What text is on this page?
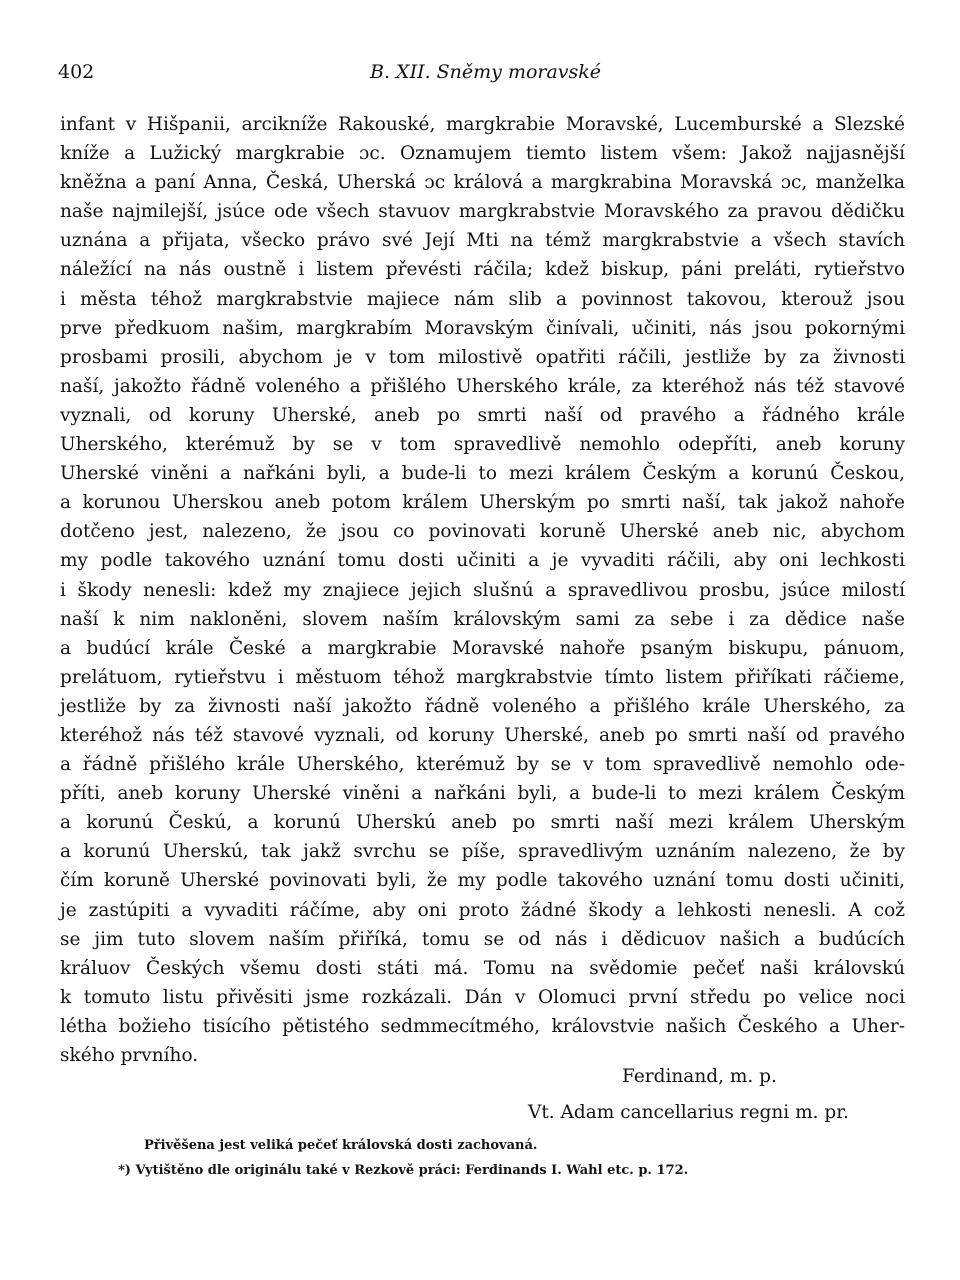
402	B. XII. Sněmy moravské
infant v Hišpanii, arcikníže Rakouské, margkrabie Moravské, Lucemburské a Slezské
kníže a Lužický margkrabie ɔc. Oznamujem tiemto listem všem: Jakož najjasnější
kněžna a paní Anna, Česká, Uherská ɔc králová a margkrabina Moravská ɔc, manželka
naše najmilejší, jsúce ode všech stavuov margkrabstvie Moravského za pravou dědičku
uznána a přijata, všecko právo své Její Mti na témž margkrabstvie a všech stavích
náležící na nás oustně i listem převésti ráčila; kdež biskup, páni preláti, rytieřstvo
i města téhož margkrabstvie majiece nám slib a povinnost takovou, kterouž jsou
prve předkuom našim, margkrabím Moravským činívali, učiniti, nás jsou pokornými
prosbami prosili, abychom je v tom milostivě opatřiti ráčili, jestliže by za živnosti
naší, jakožto řádně voleného a přišlého Uherského krále, za kteréhož nás též stavové
vyznali, od koruny Uherské, aneb po smrti naší od pravého a řádného krále
Uherského, kterémuž by se v tom spravedlivě nemohlo odepříti, aneb koruny
Uherské viněni a nařkáni byli, a bude-li to mezi králem Českým a korunú Českou,
a korunou Uherskou aneb potom králem Uherským po smrti naší, tak jakož nahoře
dotčeno jest, nalezeno, že jsou co povinovati koruně Uherské aneb nic, abychom
my podle takového uznání tomu dosti učiniti a je vyvaditi ráčili, aby oni lechkosti
i škody nenesli: kdež my znajiece jejich slušnú a spravedlivou prosbu, jsúce milostí
naší k nim nakloněni, slovem naším královským sami za sebe i za dědice naše
a budúcí krále České a margkrabie Moravské nahoře psaným biskupu, pánuom,
prelátuom, rytieřstvu i městuom téhož margkrabstvie tímto listem přiříkati ráčieme,
jestliže by za živnosti naší jakožto řádně voleného a přišlého krále Uherského, za
kteréhož nás též stavové vyznali, od koruny Uherské, aneb po smrti naší od pravého
a řádně přišlého krále Uherského, kterémuž by se v tom spravedlivě nemohlo ode-
příti, aneb koruny Uherské viněni a nařkáni byli, a bude-li to mezi králem Českým
a korunú Českú, a korunú Uherskú aneb po smrti naší mezi králem Uherským
a korunú Uherskú, tak jakž svrchu se píše, spravedlivým uznáním nalezeno, že by
čím koruně Uherské povinovati byli, že my podle takového uznání tomu dosti učiniti,
je zastúpiti a vyvaditi ráčíme, aby oni proto žádné škody a lehkosti nenesli. A což
se jim tuto slovem naším přiříká, tomu se od nás i dědicuov našich a budúcích
králuov Českých všemu dosti státi má. Tomu na svědomie pečeť naši královskú
k tomuto listu přivěsiti jsme rozkázali. Dán v Olomuci první středu po velice noci
létha božieho tisícího pětistého sedmmecítmého, královstvie našich Českého a Uher-
ského prvního.
Ferdinand, m. p.
Vt. Adam cancellarius regni m. pr.
Přivěšena jest veliká pečeť královská dosti zachovaná.
*) Vytištěno dle originálu také v Rezkově práci: Ferdinands I. Wahl etc. p. 172.
